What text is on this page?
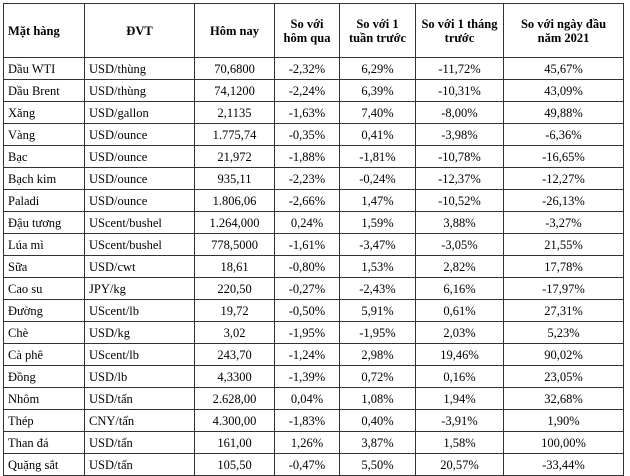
Mặt hàng	ĐVT	Hôm nay	So với hôm qua	So với 1 tuần trước	So với 1 tháng trước	So với ngày đầu năm 2021
Dầu WTI	USD/thùng	70,6800	-2,32%	6,29%	-11,72%	45,67%
Dầu Brent	USD/thùng	74,1200	-2,24%	6,39%	-10,31%	43,09%
Xăng	USD/gallon	2,1135	-1,63%	7,40%	-8,00%	49,88%
Vàng	USD/ounce	1.775,74	-0,35%	0,41%	-3,98%	-6,36%
Bạc	USD/ounce	21,972	-1,88%	-1,81%	-10,78%	-16,65%
Bạch kim	USD/ounce	935,11	-2,23%	-0,24%	-12,37%	-12,27%
Paladi	USD/ounce	1.806,06	-2,66%	1,47%	-10,52%	-26,13%
Đậu tương	UScent/bushel	1.264,000	0,24%	1,59%	3,88%	-3,27%
Lúa mì	UScent/bushel	778,5000	-1,61%	-3,47%	-3,05%	21,55%
Sữa	USD/cwt	18,61	-0,80%	1,53%	2,82%	17,78%
Cao su	JPY/kg	220,50	-0,27%	-2,43%	6,16%	-17,97%
Đường	UScent/lb	19,72	-0,50%	5,91%	0,61%	27,31%
Chè	USD/kg	3,02	-1,95%	-1,95%	2,03%	5,23%
Cà phê	UScent/lb	243,70	-1,24%	2,98%	19,46%	90,02%
Đồng	USD/lb	4,3300	-1,39%	0,72%	0,16%	23,05%
Nhôm	USD/tấn	2.628,00	0,04%	1,08%	1,94%	32,68%
Thép	CNY/tấn	4.300,00	-1,83%	0,40%	-3,91%	1,90%
Than đá	USD/tấn	161,00	1,26%	3,87%	1,58%	100,00%
Quặng sắt	USD/tấn	105,50	-0,47%	5,50%	20,57%	-33,44%
